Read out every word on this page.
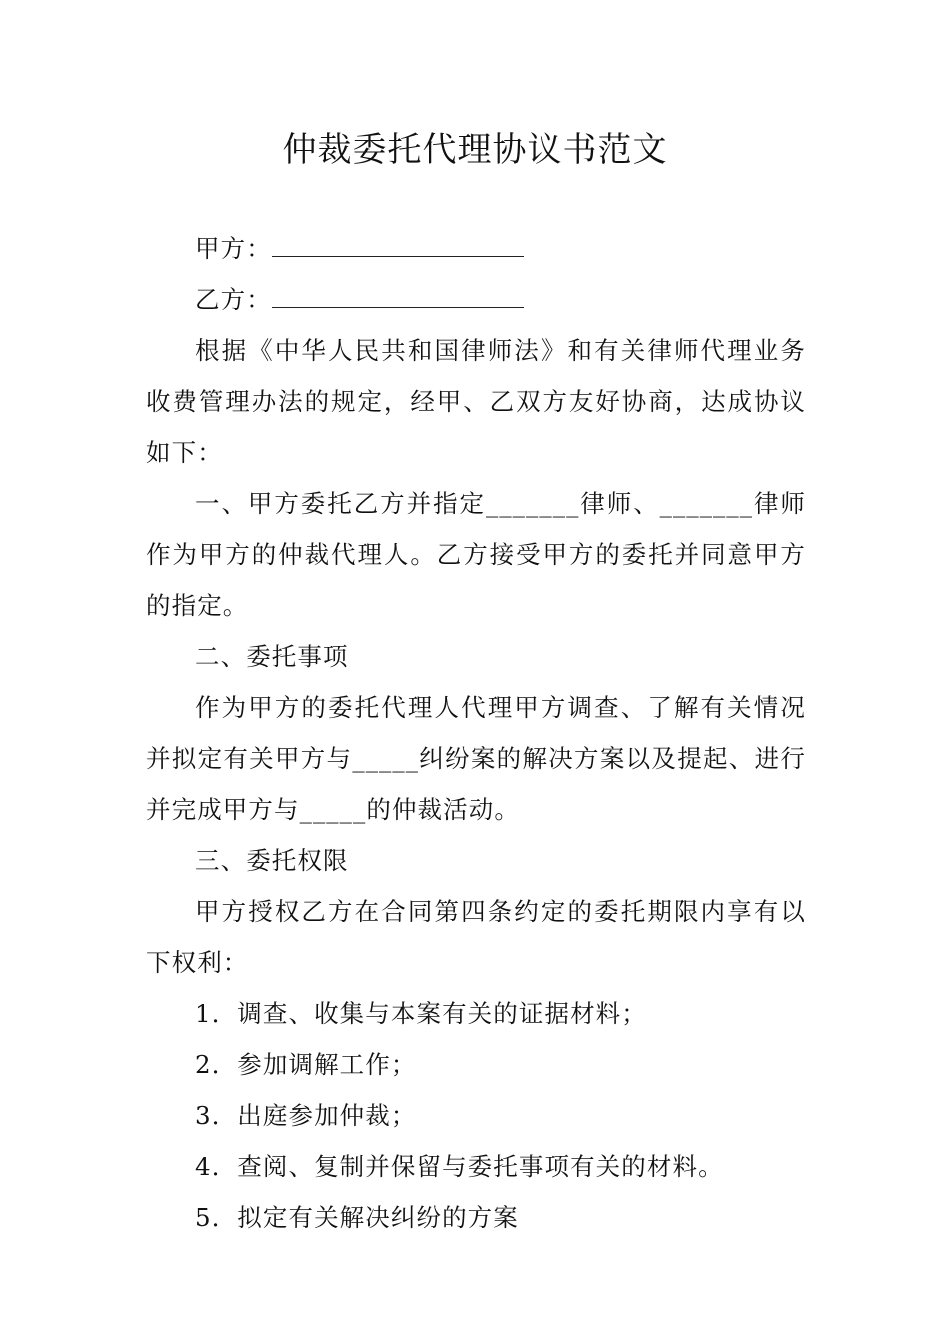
仲裁委托代理协议书范文

甲方：

乙方：

根据《中华人民共和国律师法》和有关律师代理业务收费管理办法的规定，经甲、乙双方友好协商，达成协议如下：

一、甲方委托乙方并指定_______律师、_______律师作为甲方的仲裁代理人。乙方接受甲方的委托并同意甲方的指定。

二、委托事项

作为甲方的委托代理人代理甲方调查、了解有关情况并拟定有关甲方与_____纠纷案的解决方案以及提起、进行并完成甲方与_____的仲裁活动。

三、委托权限

甲方授权乙方在合同第四条约定的委托期限内享有以下权利：

1．调查、收集与本案有关的证据材料；

2．参加调解工作；

3．出庭参加仲裁；

4．查阅、复制并保留与委托事项有关的材料。

5．拟定有关解决纠纷的方案
